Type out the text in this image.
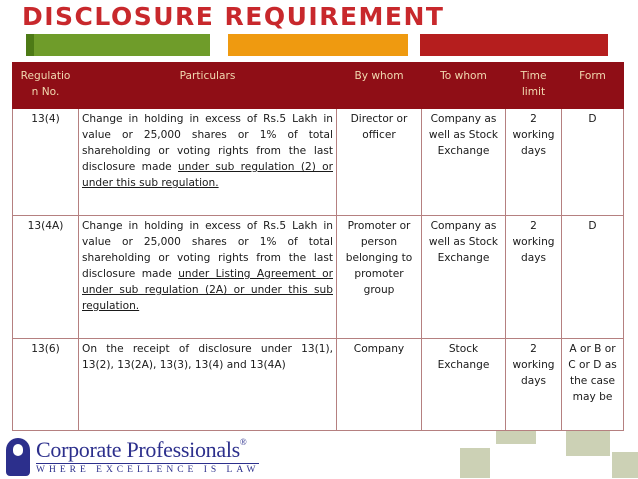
DISCLOSURE REQUIREMENT
Regulatio n No.	Particulars	By whom	To whom	Time limit	Form
13(4)	Change in holding in excess of Rs.5 Lakh in value or 25,000 shares or 1% of total shareholding or voting rights from the last disclosure made under sub regulation (2) or under this sub regulation.	Director or officer	Company as well as Stock Exchange	2 working days	D
13(4A)	Change in holding in excess of Rs.5 Lakh in value or 25,000 shares or 1% of total shareholding or voting rights from the last disclosure made under Listing Agreement or under sub regulation (2A) or under this sub regulation.	Promoter or person belonging to promoter group	Company as well as Stock Exchange	2 working days	D
13(6)	On the receipt of disclosure under 13(1), 13(2), 13(2A), 13(3), 13(4) and 13(4A)	Company	Stock Exchange	2 working days	A or B or C or D as the case may be
Corporate Professionals®
WHERE EXCELLENCE IS LAW
